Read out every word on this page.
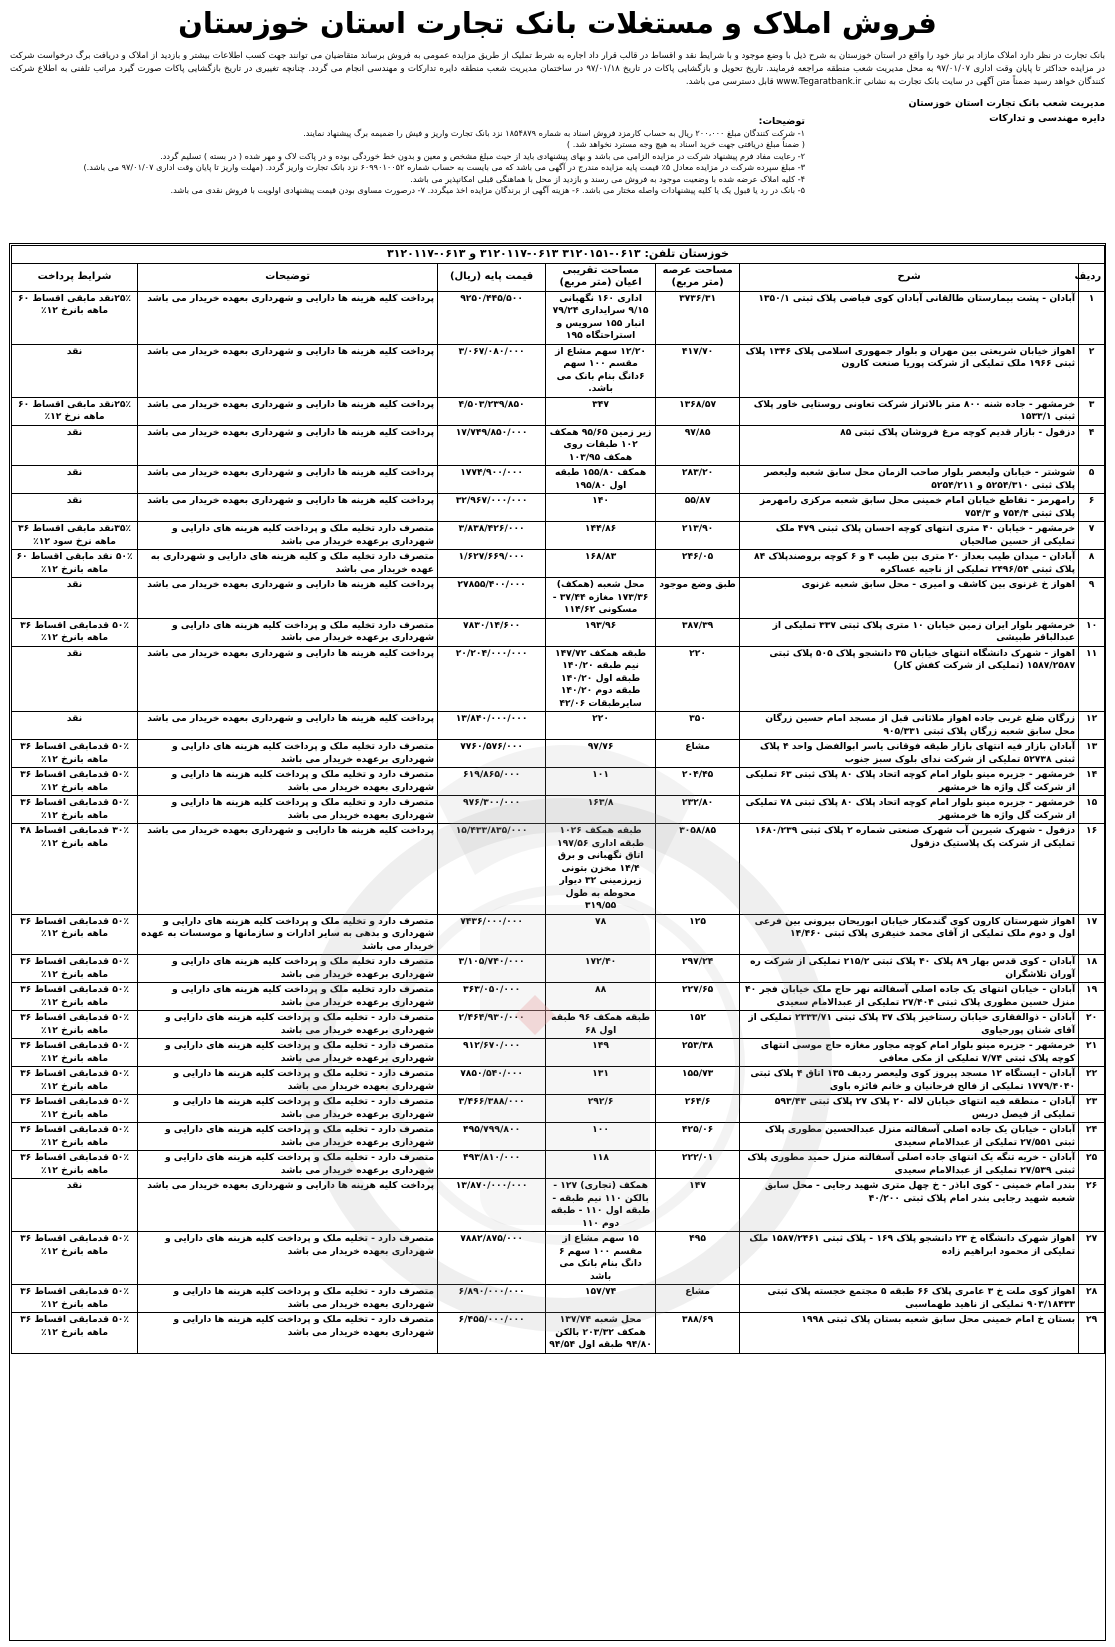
فروش املاک و مستغلات بانک تجارت استان خوزستان
بانک تجارت در نظر دارد املاک مازاد بر نیاز خود را واقع در استان خوزستان به شرح ذیل با وضع موجود و با شرایط نقد و اقساط در قالب قرار داد اجاره به شرط تملیک از طریق مزایده عمومی به فروش برساند متقاضیان می توانند جهت کسب اطلاعات بیشتر و بازدید از املاک و دریافت برگ درخواست شرکت در مزایده حداکثر تا پایان وقت اداری ۹۷/۰۱/۰۷ به محل مدیریت شعب منطقه مراجعه فرمایند. تاریخ تحویل و بازگشایی پاکات در تاریخ ۹۷/۰۱/۱۸ در ساختمان مدیریت شعب منطقه دایره تدارکات و مهندسی انجام می گردد. چنانچه تغییری در تاریخ بازگشایی پاکات صورت گیرد مراتب تلفنی به اطلاع شرکت کنندگان خواهد رسید ضمناً متن آگهی در سایت بانک تجارت به نشانی www.Tegaratbank.ir قابل دسترسی می باشد.
مدیریت شعب بانک تجارت استان خوزستان
دایره مهندسی و تدارکات
توضیحات:
۱- شرکت کنندگان مبلغ ۲۰۰،۰۰۰ ریال به حساب کارمزد فروش اسناد به شماره ۱۸۵۴۸۷۹ نزد بانک تجارت واریز و فیش را ضمیمه برگ پیشنهاد نمایند.
( ضمناً مبلغ دریافتی جهت خرید اسناد به هیچ وجه مسترد نخواهد شد. )
۲- رعایت مفاد فرم پیشنهاد شرکت در مزایده الزامی می باشد و بهای پیشنهادی باید از حیث مبلغ مشخص و معین و بدون خط خوردگی بوده و در پاکت لاک و مهر شده ( در بسته ) تسلیم گردد.
۳- مبلغ سپرده شرکت در مزایده معادل ۵٪ قیمت پایه مزایده مندرج در آگهی می باشد که می بایست به حساب شماره ۶۰۹۹۰۱۰۰۵۲ نزد بانک تجارت واریز گردد. (مهلت واریز تا پایان وقت اداری ۹۷/۰۱/۰۷ می باشد.)
۴- کلیه املاک عرضه شده با وضعیت موجود به فروش می رسند و بازدید از محل با هماهنگی قبلی امکانپذیر می باشد.
۵- بانک در رد یا قبول یک یا کلیه پیشنهادات واصله مختار می باشد. ۶- هزینه آگهی از برندگان مزایده اخذ میگردد. ۷- درصورت مساوی بودن قیمت پیشنهادی اولویت با فروش نقدی می باشد.
خوزستان تلفن: ۰۶۱۳-۳۱۲۰۱۵۱ ۰۶۱۳-۳۱۲۰۱۱۷ و ۰۶۱۳-۳۱۲۰۱۱۷						
ردیف	شرح	مساحت عرصه (متر مربع)	مساحت تقریبی اعیان (متر مربع)	قیمت پایه (ریال)	توضیحات	شرایط پرداخت
۱	آبادان - پشت بیمارستان طالقانی آبادان کوی فیاضی پلاک ثبتی ۱۳۵۰/۱	۳۷۳۶/۳۱	اداری ۱۶۰ نگهبانی ۹/۱۵ سرایداری ۷۹/۲۴ انبار ۱۵۵ سرویس و استراحتگاه ۱۹۵	۹۲۵۰/۴۴۵/۵۰۰	پرداخت کلیه هزینه ها دارایی و شهرداری بعهده خریدار می باشد	۲۵٪نقد مابقی اقساط ۶۰ ماهه بانرخ ۱۲٪
۲	اهواز خیابان شریعتی بین مهران و بلوار جمهوری اسلامی پلاک ۱۳۴۶ پلاک ثبتی ۱۹۶۶ ملک تملیکی از شرکت پوریا صنعت کارون	۴۱۷/۷۰	۱۲/۲۰ سهم مشاع از مقسم ۱۰۰ سهم ۶دانگ بنام بانک می باشد.	۳/۰۶۷/۰۸۰/۰۰۰	پرداخت کلیه هزینه ها دارایی و شهرداری بعهده خریدار می باشد	نقد
۳	خرمشهر - جاده شنه ۸۰۰ متر بالاتراز شرکت تعاونی روستایی خاور پلاک ثبتی ۱۵۳۳/۱	۱۳۶۸/۵۷	۳۴۷	۴/۵۰۳/۲۳۹/۸۵۰	پرداخت کلیه هزینه ها دارایی و شهرداری بعهده خریدار می باشد	۲۵٪نقد مابقی اقساط ۶۰ ماهه نرخ ۱۲٪
۴	دزفول - بازار قدیم کوچه مرغ فروشان پلاک ثبتی ۸۵	۹۷/۸۵	زیر زمین ۹۵/۶۵ همکف ۱۰۲ طبقات روی همکف ۱۰۳/۹۵	۱۷/۷۴۹/۸۵۰/۰۰۰	پرداخت کلیه هزینه ها دارایی و شهرداری بعهده خریدار می باشد	نقد
۵	شوشتر - خیابان ولیعصر بلوار صاحب الزمان محل سابق شعبه ولیعصر پلاک ثبتی ۵۲۵۴/۳۱۰ و ۵۲۵۴/۲۱۱	۲۸۳/۲۰	همکف ۱۵۵/۸۰ طبقه اول ۱۹۵/۸۰	۱۷۷۴/۹۰۰/۰۰۰	پرداخت کلیه هزینه ها دارایی و شهرداری بعهده خریدار می باشد	نقد
۶	رامهرمز - تقاطع خیابان امام خمینی محل سابق شعبه مرکزی رامهرمز پلاک ثبتی ۷۵۴/۴ و ۷۵۴/۳	۵۵/۸۷	۱۴۰	۳۲/۹۶۷/۰۰۰/۰۰۰	پرداخت کلیه هزینه ها دارایی و شهرداری بعهده خریدار می باشد	نقد
۷	خرمشهر - خیابان ۴۰ متری انتهای کوچه احسان پلاک ثبتی ۴۷۹ ملک تملیکی از حسین صالحیان	۲۱۳/۹۰	۱۴۴/۸۶	۳/۸۳۸/۴۲۶/۰۰۰	متصرف دارد تخلیه ملک و پرداخت کلیه هزینه های دارایی و شهرداری برعهده خریدار می باشد	۳۵٪نقد مابقی اقساط ۳۶ ماهه نرخ سود ۱۲٪
۸	آبادان - میدان طیب بعداز ۲۰ متری بین طیب ۴ و ۶ کوچه بروصندپلاک ۸۴ پلاک ثبتی ۲۴۹۶/۵۴ تملیکی از ناجیه عساکره	۲۴۶/۰۵	۱۶۸/۸۳	۱/۶۲۷/۶۶۹/۰۰۰	متصرف دارد تخلیه ملک و کلیه هزینه های دارایی و شهرداری به عهده خریدار می باشد	۵۰٪ نقد مابقی اقساط ۶۰ ماهه بانرخ ۱۲٪
۹	اهواز خ غزنوی بین کاشف و امیری - محل سابق شعبه غزنوی	طبق وضع موجود	محل شعبه (همکف) ۱۷۳/۳۶ مغازه ۳۷/۴۴ - مسکونی ۱۱۴/۶۲	۲۷۸۵۵/۴۰۰/۰۰۰	پرداخت کلیه هزینه ها دارایی و شهرداری بعهده خریدار می باشد	نقد
۱۰	خرمشهر بلوار ایران زمین خیابان ۱۰ متری پلاک ثبتی ۳۳۷ تملیکی از عبدالباقر طبیشی	۳۸۷/۳۹	۱۹۳/۹۶	۷۸۳۰/۱۴/۶۰۰	متصرف دارد تخلیه ملک و پرداخت کلیه هزینه های دارایی و شهرداری برعهده خریدار می باشد	۵۰٪ قدمابقی اقساط ۳۶ ماهه بانرخ ۱۲٪
۱۱	اهواز - شهرک دانشگاه انتهای خیابان ۳۵ دانشجو پلاک ۵۰۵ پلاک ثبتی ۱۵۸۷/۲۵۸۷ (تملیکی از شرکت کفش کار)	۲۲۰	طبقه همکف ۱۴۷/۷۲ نیم طبقه ۱۴۰/۲۰ طبقه اول ۱۴۰/۲۰ طبقه دوم ۱۴۰/۲۰ سایرطبقات ۴۲/۰۶	۲۰/۲۰۴/۰۰۰/۰۰۰	پرداخت کلیه هزینه ها دارایی و شهرداری بعهده خریدار می باشد	نقد
۱۲	زرگان ضلع غربی جاده اهواز ملاثانی قبل از مسجد امام حسین زرگان محل سابق شعبه زرگان پلاک ثبتی ۹۰۵/۳۳۱	۳۵۰	۲۲۰	۱۳/۸۴۰/۰۰۰/۰۰۰	پرداخت کلیه هزینه ها دارایی و شهرداری بعهده خریدار می باشد	نقد
۱۳	آبادان بازار فیه انتهای بازار طبقه فوقانی یاسر ابوالفضل واحد ۴ پلاک ثبتی ۵۲۷۳۸ تملیکی از شرکت ندای بلوک سبز جنوب	مشاع	۹۷/۷۶	۷۷۶۰/۵۷۶/۰۰۰	متصرف دارد تخلیه ملک و پرداخت کلیه هزینه های دارایی و شهرداری برعهده خریدار می باشد	۵۰٪ قدمابقی اقساط ۳۶ ماهه بانرخ ۱۲٪
۱۴	خرمشهر - جزیره مینو بلوار امام کوچه اتحاد پلاک ۸۰ پلاک ثبتی ۶۳ تملیکی از شرکت گل واژه ها خرمشهر	۲۰۴/۴۵	۱۰۱	۶۱۹/۸۶۵/۰۰۰	متصرف دارد و تخلیه ملک و پرداخت کلیه هزینه ها دارایی و شهرداری بعهده خریدار می باشد	۵۰٪ قدمابقی اقساط ۳۶ ماهه بانرخ ۱۲٪
۱۵	خرمشهر - جزیره مینو بلوار امام کوچه اتحاد پلاک ۸۰ پلاک ثبتی ۷۸ تملیکی از شرکت گل واژه ها خرمشهر	۲۳۲/۸۰	۱۶۳/۸	۹۷۶/۳۰۰/۰۰۰	متصرف دارد و تخلیه ملک و پرداخت کلیه هزینه ها دارایی و شهرداری بعهده خریدار می باشد	۵۰٪ قدمابقی اقساط ۳۶ ماهه بانرخ ۱۲٪
۱۶	دزفول - شهرک شیرین آب شهرک صنعتی شماره ۲ پلاک ثبتی ۱۶۸۰/۲۳۹ تملیکی از شرکت پک پلاستیک دزفول	۳۰۵۸/۸۵	طبقه همکف ۱۰۲۶ طبقه اداری ۱۹۷/۵۶ اتاق نگهبانی و برق ۱۴/۴ مخزن بتونی زیرزمینی ۳۲ دیوار محوطه به طول ۳۱۹/۵۵	۱۵/۴۳۳/۸۳۵/۰۰۰	پرداخت کلیه هزینه ها دارایی و شهرداری بعهده خریدار می باشد	۳۰٪ قدمابقی اقساط ۴۸ ماهه بانرخ ۱۲٪
۱۷	اهواز شهرستان کارون کوی گندمکار خیابان ابوریحان بیرونی بین فرعی اول و دوم ملک تملیکی از آقای محمد خنیفری پلاک ثبتی ۱۴/۴۶۰	۱۲۵	۷۸	۷۴۳۶/۰۰۰/۰۰۰	متصرف دارد و تخلیه ملک و پرداخت کلیه هزینه های دارایی و شهرداری و بدهی به سایر ادارات و سازمانها و موسسات به عهده خریدار می باشد	۵۰٪ قدمابقی اقساط ۳۶ ماهه بانرخ ۱۲٪
۱۸	آبادان - کوی قدس بهار ۸۹ پلاک ۴۰ پلاک ثبتی ۲۱۵/۲ تملیکی از شرکت ره آوران تلاشگران	۲۹۷/۲۴	۱۷۲/۴۰	۳/۱۰۵/۷۴۰/۰۰۰	متصرف دارد تخلیه ملک و پرداخت کلیه هزینه های دارایی و شهرداری برعهده خریدار می باشد	۵۰٪ قدمابقی اقساط ۳۶ ماهه بانرخ ۱۲٪
۱۹	آبادان - خیابان انتهای یک جاده اصلی آسفالته نهر حاج ملک خیابان فجر ۴۰ منزل حسین مطوری پلاک ثبتی ۲۷/۴۰۴ تملیکی از عبدالامام سعیدی	۲۲۷/۶۵	۸۸	۳۶۳/۰۵۰/۰۰۰	متصرف دارد تخلیه ملک و پرداخت کلیه هزینه های دارایی و شهرداری برعهده خریدار می باشد	۵۰٪ قدمابقی اقساط ۳۶ ماهه بانرخ ۱۲٪
۲۰	آبادان - ذوالفقاری خیابان رستاخیز پلاک ۳۷ پلاک ثبتی ۲۳۳۳/۷۱ تملیکی از آقای شنان پورحیاوی	۱۵۲	طبقه همکف ۹۶ طبقه اول ۶۸	۲/۴۶۴/۹۳۰/۰۰۰	متصرف دارد - تخلیه ملک و پرداخت کلیه هزینه های دارایی و شهرداری برعهده خریدار می باشد	۵۰٪ قدمابقی اقساط ۳۶ ماهه بانرخ ۱۲٪
۲۱	خرمشهر - جزیره مینو بلوار امام کوچه مجاور مغازه حاج موسی انتهای کوچه پلاک ثبتی ۷/۷۴ تملیکی از مکی معافی	۲۵۳/۳۸	۱۴۹	۹۱۲/۶۷۰/۰۰۰	متصرف دارد - تخلیه ملک و پرداخت کلیه هزینه های دارایی و شهرداری برعهده خریدار می باشد	۵۰٪ قدمابقی اقساط ۳۶ ماهه بانرخ ۱۲٪
۲۲	آبادان - ایستگاه ۱۲ مسجد پیروز کوی ولیعصر ردیف ۱۳۵ اتاق ۴ پلاک ثبتی ۱۷۷۹/۴۰۴۰ تملیکی از فالح فرحانیان و خانم فائزه باوی	۱۵۵/۷۳	۱۳۱	۷۸۵۰/۵۴۰/۰۰۰	متصرف دارد - تخلیه ملک و پرداخت کلیه هزینه ها دارایی و شهرداری بعهده خریدار می باشد	۵۰٪ قدمابقی اقساط ۳۶ ماهه بانرخ ۱۲٪
۲۳	آبادان - منطقه فیه انتهای خیابان لاله ۲۰ پلاک ۲۷ پلاک ثبتی ۵۹۳/۴۳ تملیکی از فیصل دریس	۲۶۴/۶	۲۹۲/۶	۳/۴۶۶/۳۸۸/۰۰۰	متصرف دارد - تخلیه ملک و پرداخت کلیه هزینه ها دارایی و شهرداری برعهده خریدار می باشد	۵۰٪ قدمابقی اقساط ۳۶ ماهه بانرخ ۱۲٪
۲۴	آبادان - خیابان یک جاده اصلی آسفالته منزل عبدالحسین مطوری پلاک ثبتی ۲۷/۵۵۱ تملیکی از عبدالامام سعیدی	۴۲۵/۰۶	۱۰۰	۴۹۵/۷۹۹/۸۰۰	متصرف دارد - تخلیه ملک و پرداخت کلیه هزینه های دارایی و شهرداری برعهده خریدار می باشد	۵۰٪ قدمابقی اقساط ۳۶ ماهه بانرخ ۱۲٪
۲۵	آبادان - خریه تنگه یک انتهای جاده اصلی آسفالته منزل حمید مطوری پلاک ثبتی ۲۷/۵۳۹ تملیکی از عبدالامام سعیدی	۲۲۲/۰۱	۱۱۸	۴۹۳/۸۱۰/۰۰۰	متصرف دارد - تخلیه ملک و پرداخت کلیه هزینه های دارایی و شهرداری برعهده خریدار می باشد	۵۰٪ قدمابقی اقساط ۳۶ ماهه بانرخ ۱۲٪
۲۶	بندر امام خمینی - کوی اباذر - خ چهل متری شهید رجایی - محل سابق شعبه شهید رجایی بندر امام پلاک ثبتی ۴۰/۲۰۰	۱۴۷	همکف (تجاری) ۱۲۷ - بالکن ۱۱۰ نیم طبقه - طبقه اول ۱۱۰ - طبقه دوم ۱۱۰	۱۳/۸۷۰/۰۰۰/۰۰۰	پرداخت کلیه هزینه ها دارایی و شهرداری بعهده خریدار می باشد	نقد
۲۷	اهواز شهرک دانشگاه خ ۲۳ دانشجو پلاک ۱۶۹ - پلاک ثبتی ۱۵۸۷/۲۴۶۱ ملک تملیکی از محمود ابراهیم زاده	۴۹۵	۱۵ سهم مشاع از مقسم ۱۰۰ سهم ۶ دانگ بنام بانک می باشد	۷۸۸۲/۸۷۵/۰۰۰	متصرف دارد - تخلیه ملک و پرداخت کلیه هزینه های دارایی و شهرداری بعهده خریدار می باشد	۵۰٪ قدمابقی اقساط ۳۶ ماهه بانرخ ۱۲٪
۲۸	اهواز کوی ملت خ ۳ عامری پلاک ۶۶ طبقه ۵ مجتمع خجسته پلاک ثبتی ۹۰۳/۱۸۴۳۳ تملیکی از ناهید طهماسبی	مشاع	۱۵۷/۷۴	۶/۸۹۰/۰۰۰/۰۰۰	متصرف دارد - تخلیه ملک و پرداخت کلیه هزینه ها دارایی و شهرداری بعهده خریدار می باشد	۵۰٪ قدمابقی اقساط ۳۶ ماهه بانرخ ۱۲٪
۲۹	بستان خ امام خمینی محل سابق شعبه بستان پلاک ثبتی ۱۹۹۸	۳۸۸/۶۹	محل شعبه ۱۳۷/۷۴ همکف ۲۰۳/۳۲ بالکن ۹۴/۸۰ طبقه اول ۹۴/۵۴	۶/۴۵۵/۰۰۰/۰۰۰	متصرف دارد - تخلیه ملک و پرداخت کلیه هزینه ها دارایی و شهرداری بعهده خریدار می باشد	۵۰٪ قدمابقی اقساط ۳۶ ماهه بانرخ ۱۲٪
